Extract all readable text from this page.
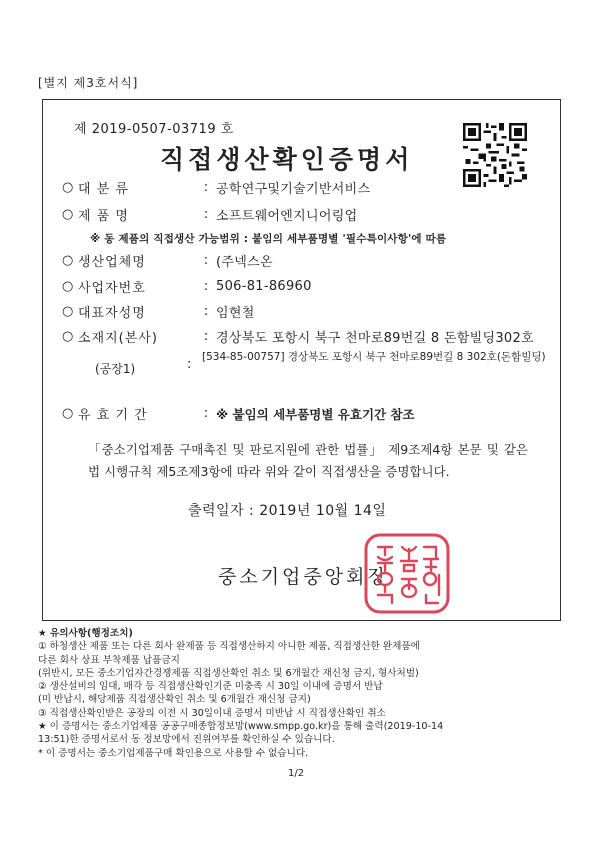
[별지 제3호서식]
제 2019-0507-03719 호
직접생산확인증명서
○ 대 분 류	: 공학연구및기술기반서비스
○ 제 품 명	: 소프트웨어엔지니어링업
※ 동 제품의 직접생산 가능범위 : 붙임의 세부품명별 '필수특이사항'에 따름
○ 생산업체명	: (주넥스온
○ 사업자번호	: 506-81-86960
○ 대표자성명	: 임현철
○ 소재지(본사)	: 경상북도 포항시 북구 천마로89번길 8 돈함빌딩302호
(공장1)	: [534-85-00757] 경상북도 포항시 북구 천마로89번길 8 302호(돈함빌딩)
○ 유 효 기 간	: ※ 붙임의 세부품명별 유효기간 참조
「중소기업제품 구매촉진 및 판로지원에 관한 법률」 제9조제4항 본문 및 같은 법 시행규칙 제5조제3항에 따라 위와 같이 직접생산을 증명합니다.
출력일자 : 2019년 10월 14일
중소기업중앙회장
★ 유의사항(행정조치)
① 하청생산 제품 또는 다른 회사 완제품 등 직접생산하지 아니한 제품, 직접생산한 완제품에
다른 회사 상표 부착제품 납품금지
(위반시, 모든 중소기업자간경쟁제품 직접생산확인 취소 및 6개월간 재신청 금지, 형사처벌)
② 생산설비의 임대, 매각 등 직접생산확인기준 미충족 시 30일 이내에 증명서 반납
(미 반납시, 해당제품 직접생산확인 취소 및 6개월간 재신청 금지)
③ 직접생산확인받은 공장의 이전 시 30일이내 증명서 미반납 시 직접생산확인 취소
★ 이 증명서는 중소기업제품 공공구매종합정보망(www.smpp.go.kr)을 통해 출력(2019-10-14
13:51)한 증명서로서 동 정보망에서 진위여부를 확인하실 수 있습니다.
* 이 증명서는 중소기업제품구매 확인용으로 사용할 수 없습니다.
1/2
